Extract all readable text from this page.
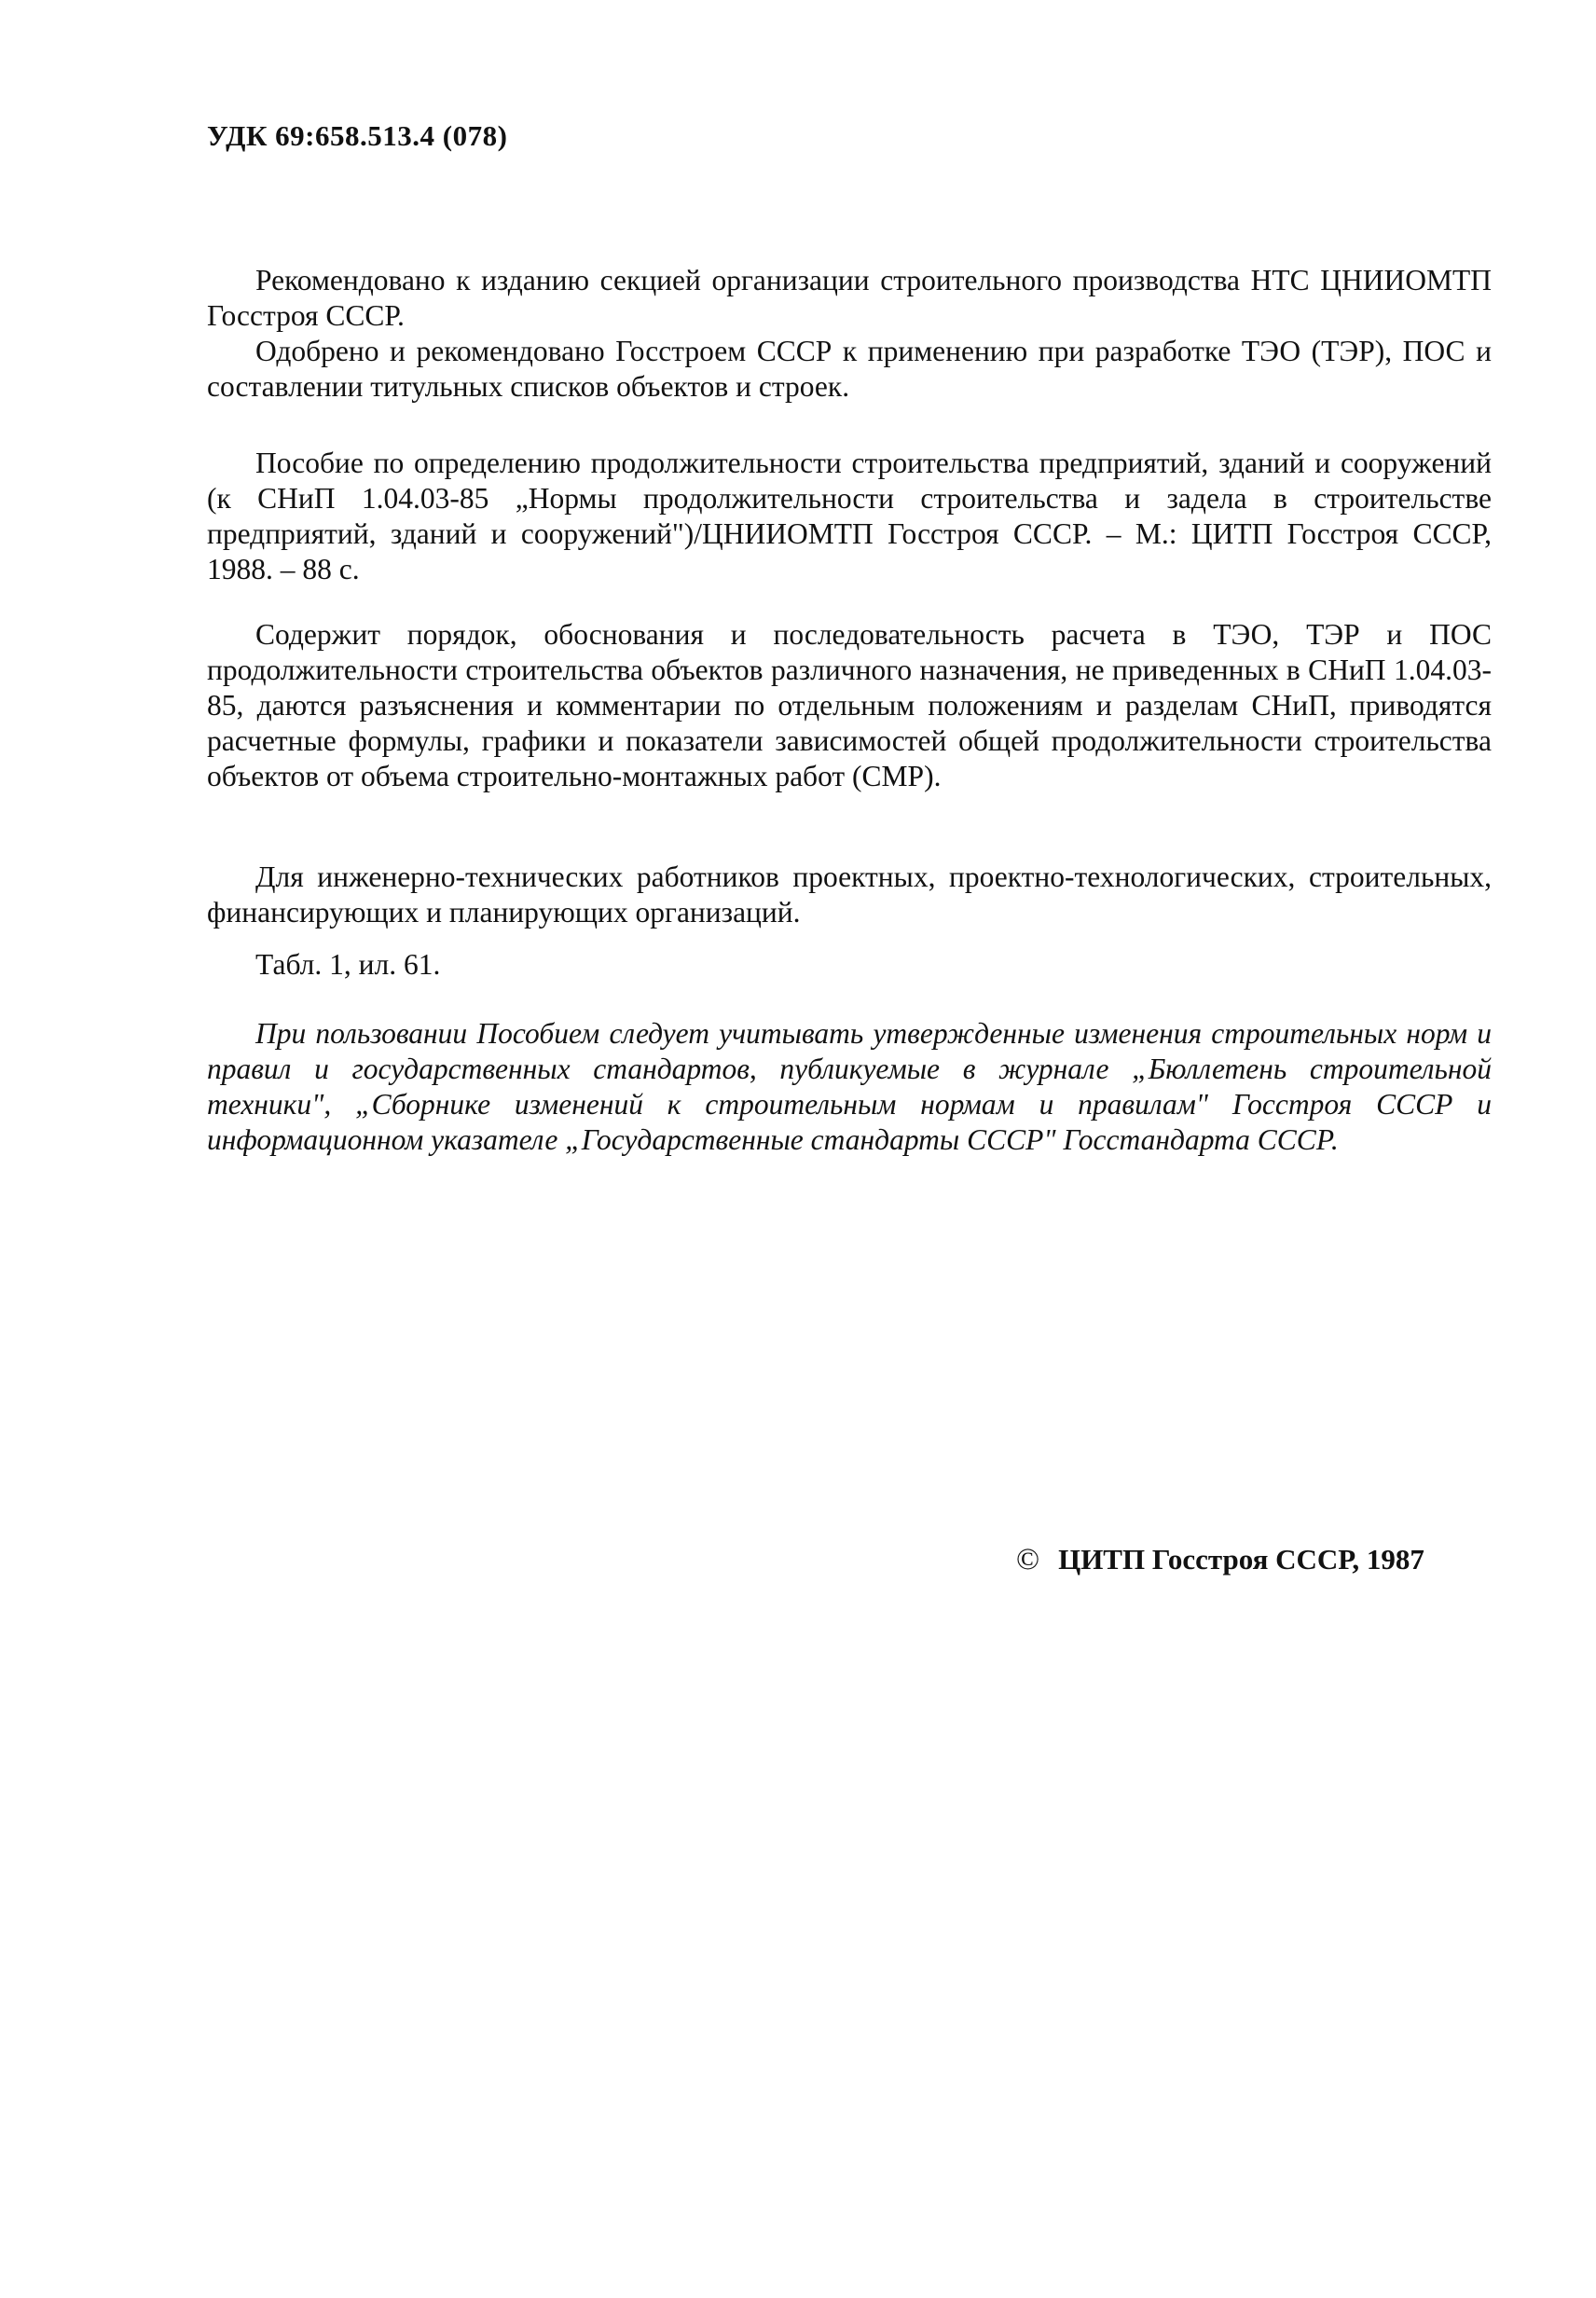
УДК 69:658.513.4 (078)

Рекомендовано к изданию секцией организации строительного производства НТС ЦНИИОМТП Госстроя СССР.

Одобрено и рекомендовано Госстроем СССР к применению при разработке ТЭО (ТЭР), ПОС и составлении титульных списков объектов и строек.

Пособие по определению продолжительности строительства предприятий, зданий и сооружений (к СНиП 1.04.03-85 „Нормы продолжительности строительства и задела в строительстве предприятий, зданий и сооружений")/ЦНИИОМТП Госстроя СССР. – М.: ЦИТП Госстроя СССР, 1988. – 88 с.

Содержит порядок, обоснования и последовательность расчета в ТЭО, ТЭР и ПОС продолжительности строительства объектов различного назначения, не приведенных в СНиП 1.04.03-85, даются разъяснения и комментарии по отдельным положениям и разделам СНиП, приводятся расчетные формулы, графики и показатели зависимостей общей продолжительности строительства объектов от объема строительно-монтажных работ (СМР).

Для инженерно-технических работников проектных, проектно-технологических, строительных, финансирующих и планирующих организаций.

Табл. 1, ил. 61.

При пользовании Пособием следует учитывать утвержденные изменения строительных норм и правил и государственных стандартов, публикуемые в журнале „Бюллетень строительной техники", „Сборнике изменений к строительным нормам и правилам" Госстроя СССР и информационном указателе „Государственные стандарты СССР" Госстандарта СССР.

© ЦИТП Госстроя СССР, 1987
